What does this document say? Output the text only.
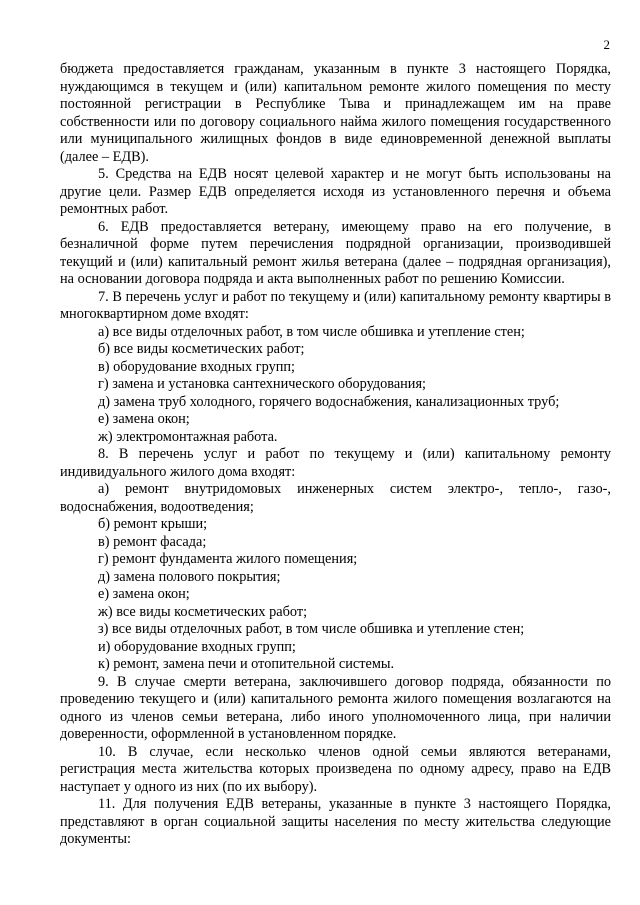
2

бюджета предоставляется гражданам, указанным в пункте 3 настоящего Порядка, нуждающимся в текущем и (или) капитальном ремонте жилого помещения по месту постоянной регистрации в Республике Тыва и принадлежащем им на праве собственности или по договору социального найма жилого помещения государственного или муниципального жилищных фондов в виде единовременной денежной выплаты (далее – ЕДВ).

5. Средства на ЕДВ носят целевой характер и не могут быть использованы на другие цели. Размер ЕДВ определяется исходя из установленного перечня и объема ремонтных работ.

6. ЕДВ предоставляется ветерану, имеющему право на его получение, в безналичной форме путем перечисления подрядной организации, производившей текущий и (или) капитальный ремонт жилья ветерана (далее – подрядная организация), на основании договора подряда и акта выполненных работ по решению Комиссии.

7. В перечень услуг и работ по текущему и (или) капитальному ремонту квартиры в многоквартирном доме входят:

а) все виды отделочных работ, в том числе обшивка и утепление стен;

б) все виды косметических работ;

в) оборудование входных групп;

г) замена и установка сантехнического оборудования;

д) замена труб холодного, горячего водоснабжения, канализационных труб;

е) замена окон;

ж) электромонтажная работа.

8. В перечень услуг и работ по текущему и (или) капитальному ремонту индивидуального жилого дома входят:

а) ремонт внутридомовых инженерных систем электро-, тепло-, газо-, водоснабжения, водоотведения;

б) ремонт крыши;

в) ремонт фасада;

г) ремонт фундамента жилого помещения;

д) замена полового покрытия;

е) замена окон;

ж) все виды косметических работ;

з) все виды отделочных работ, в том числе обшивка и утепление стен;

и) оборудование входных групп;

к) ремонт, замена печи и отопительной системы.

9. В случае смерти ветерана, заключившего договор подряда, обязанности по проведению текущего и (или) капитального ремонта жилого помещения возлагаются на одного из членов семьи ветерана, либо иного уполномоченного лица, при наличии доверенности, оформленной в установленном порядке.

10. В случае, если несколько членов одной семьи являются ветеранами, регистрация места жительства которых произведена по одному адресу, право на ЕДВ наступает у одного из них (по их выбору).

11. Для получения ЕДВ ветераны, указанные в пункте 3 настоящего Порядка, представляют в орган социальной защиты населения по месту жительства следующие документы:
